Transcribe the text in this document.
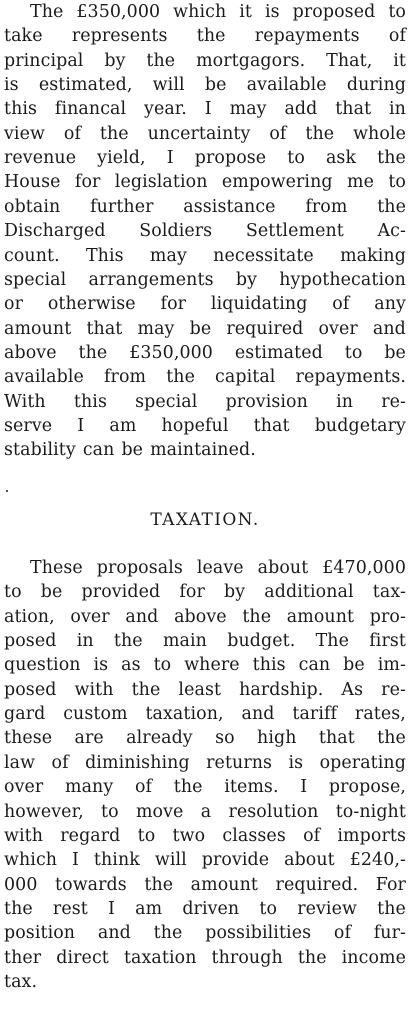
The £350,000 which it is proposed to
take represents the repayments of
principal by the mortgagors. That, it
is estimated, will be available during
this financal year. I may add that in
view of the uncertainty of the whole
revenue yield, I propose to ask the
House for legislation empowering me to
obtain further assistance from the
Discharged Soldiers Settlement Ac-
count. This may necessitate making
special arrangements by hypothecation
or otherwise for liquidating of any
amount that may be required over and
above the £350,000 estimated to be
available from the capital repayments.
With this special provision in re-
serve I am hopeful that budgetary
stability can be maintained.
TAXATION.
These proposals leave about £470,000
to be provided for by additional tax-
ation, over and above the amount pro-
posed in the main budget. The first
question is as to where this can be im-
posed with the least hardship. As re-
gard custom taxation, and tariff rates,
these are already so high that the
law of diminishing returns is operating
over many of the items. I propose,
however, to move a resolution to-night
with regard to two classes of imports
which I think will provide about £240,-
000 towards the amount required. For
the rest I am driven to review the
position and the possibilities of fur-
ther direct taxation through the income
tax.
